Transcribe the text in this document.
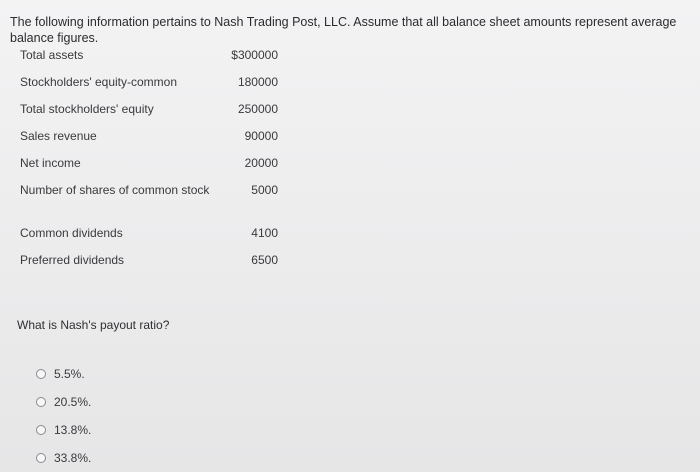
The following information pertains to Nash Trading Post, LLC. Assume that all balance sheet amounts represent average balance figures.
Total assets	$300000
Stockholders' equity-common	180000
Total stockholders' equity	250000
Sales revenue	90000
Net income	20000
Number of shares of common stock	5000
Common dividends	4100
Preferred dividends	6500
What is Nash's payout ratio?
5.5%.
20.5%.
13.8%.
33.8%.
